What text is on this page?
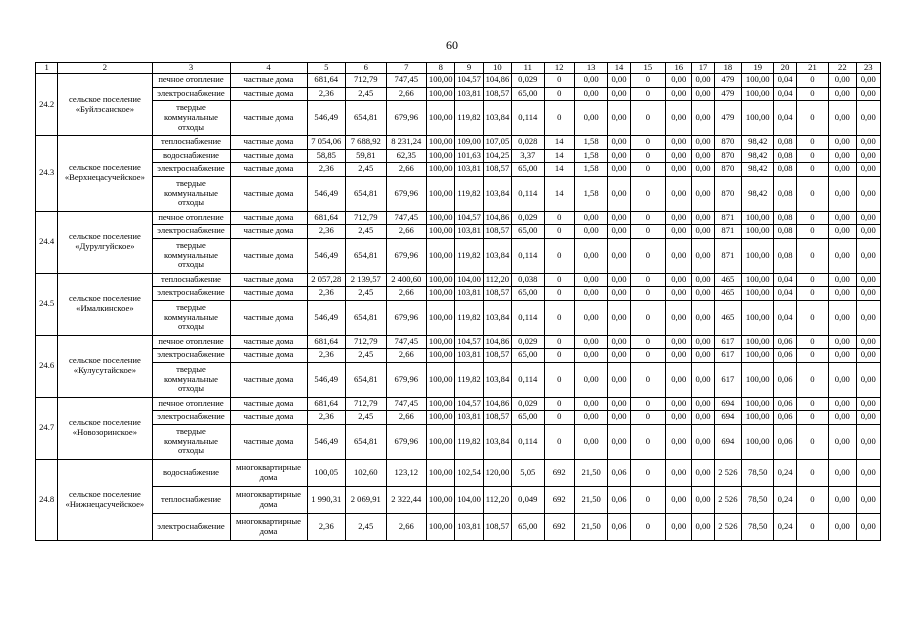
60
1	2	3	4	5	6	7	8	9	10	11	12	13	14	15	16	17	18	19	20	21	22	23
24.2	сельское поселение «Буйлэсанское»	печное отопление	частные дома	681,64	712,79	747,45	100,00	104,57	104,86	0,029	0	0,00	0,00	0	0,00	0,00	479	100,00	0,04	0	0,00	0,00
		электроснабжение	частные дома	2,36	2,45	2,66	100,00	103,81	108,57	65,00	0	0,00	0,00	0	0,00	0,00	479	100,00	0,04	0	0,00	0,00
		твердые коммунальные отходы	частные дома	546,49	654,81	679,96	100,00	119,82	103,84	0,114	0	0,00	0,00	0	0,00	0,00	479	100,00	0,04	0	0,00	0,00
24.3	сельское поселение «Верхнецасучейское»	теплоснабжение	частные дома	7 054,06	7 688,92	8 231,24	100,00	109,00	107,05	0,028	14	1,58	0,00	0	0,00	0,00	870	98,42	0,08	0	0,00	0,00
		водоснабжение	частные дома	58,85	59,81	62,35	100,00	101,63	104,25	3,37	14	1,58	0,00	0	0,00	0,00	870	98,42	0,08	0	0,00	0,00
		электроснабжение	частные дома	2,36	2,45	2,66	100,00	103,81	108,57	65,00	14	1,58	0,00	0	0,00	0,00	870	98,42	0,08	0	0,00	0,00
		твердые коммунальные отходы	частные дома	546,49	654,81	679,96	100,00	119,82	103,84	0,114	14	1,58	0,00	0	0,00	0,00	870	98,42	0,08	0	0,00	0,00
24.4	сельское поселение «Дурулгуйское»	печное отопление	частные дома	681,64	712,79	747,45	100,00	104,57	104,86	0,029	0	0,00	0,00	0	0,00	0,00	871	100,00	0,08	0	0,00	0,00
		электроснабжение	частные дома	2,36	2,45	2,66	100,00	103,81	108,57	65,00	0	0,00	0,00	0	0,00	0,00	871	100,00	0,08	0	0,00	0,00
		твердые коммунальные отходы	частные дома	546,49	654,81	679,96	100,00	119,82	103,84	0,114	0	0,00	0,00	0	0,00	0,00	871	100,00	0,08	0	0,00	0,00
24.5	сельское поселение «Ималкинское»	теплоснабжение	частные дома	2 057,28	2 139,57	2 400,60	100,00	104,00	112,20	0,038	0	0,00	0,00	0	0,00	0,00	465	100,00	0,04	0	0,00	0,00
		электроснабжение	частные дома	2,36	2,45	2,66	100,00	103,81	108,57	65,00	0	0,00	0,00	0	0,00	0,00	465	100,00	0,04	0	0,00	0,00
		твердые коммунальные отходы	частные дома	546,49	654,81	679,96	100,00	119,82	103,84	0,114	0	0,00	0,00	0	0,00	0,00	465	100,00	0,04	0	0,00	0,00
24.6	сельское поселение «Кулусутайское»	печное отопление	частные дома	681,64	712,79	747,45	100,00	104,57	104,86	0,029	0	0,00	0,00	0	0,00	0,00	617	100,00	0,06	0	0,00	0,00
		электроснабжение	частные дома	2,36	2,45	2,66	100,00	103,81	108,57	65,00	0	0,00	0,00	0	0,00	0,00	617	100,00	0,06	0	0,00	0,00
		твердые коммунальные отходы	частные дома	546,49	654,81	679,96	100,00	119,82	103,84	0,114	0	0,00	0,00	0	0,00	0,00	617	100,00	0,06	0	0,00	0,00
24.7	сельское поселение «Новозоринское»	печное отопление	частные дома	681,64	712,79	747,45	100,00	104,57	104,86	0,029	0	0,00	0,00	0	0,00	0,00	694	100,00	0,06	0	0,00	0,00
		электроснабжение	частные дома	2,36	2,45	2,66	100,00	103,81	108,57	65,00	0	0,00	0,00	0	0,00	0,00	694	100,00	0,06	0	0,00	0,00
		твердые коммунальные отходы	частные дома	546,49	654,81	679,96	100,00	119,82	103,84	0,114	0	0,00	0,00	0	0,00	0,00	694	100,00	0,06	0	0,00	0,00
24.8	сельское поселение «Нижнецасучейское»	водоснабжение	многоквартирные дома	100,05	102,60	123,12	100,00	102,54	120,00	5,05	692	21,50	0,06	0	0,00	0,00	2 526	78,50	0,24	0	0,00	0,00
		теплоснабжение	многоквартирные дома	1 990,31	2 069,91	2 322,44	100,00	104,00	112,20	0,049	692	21,50	0,06	0	0,00	0,00	2 526	78,50	0,24	0	0,00	0,00
		электроснабжение	многоквартирные дома	2,36	2,45	2,66	100,00	103,81	108,57	65,00	692	21,50	0,06	0	0,00	0,00	2 526	78,50	0,24	0	0,00	0,00
